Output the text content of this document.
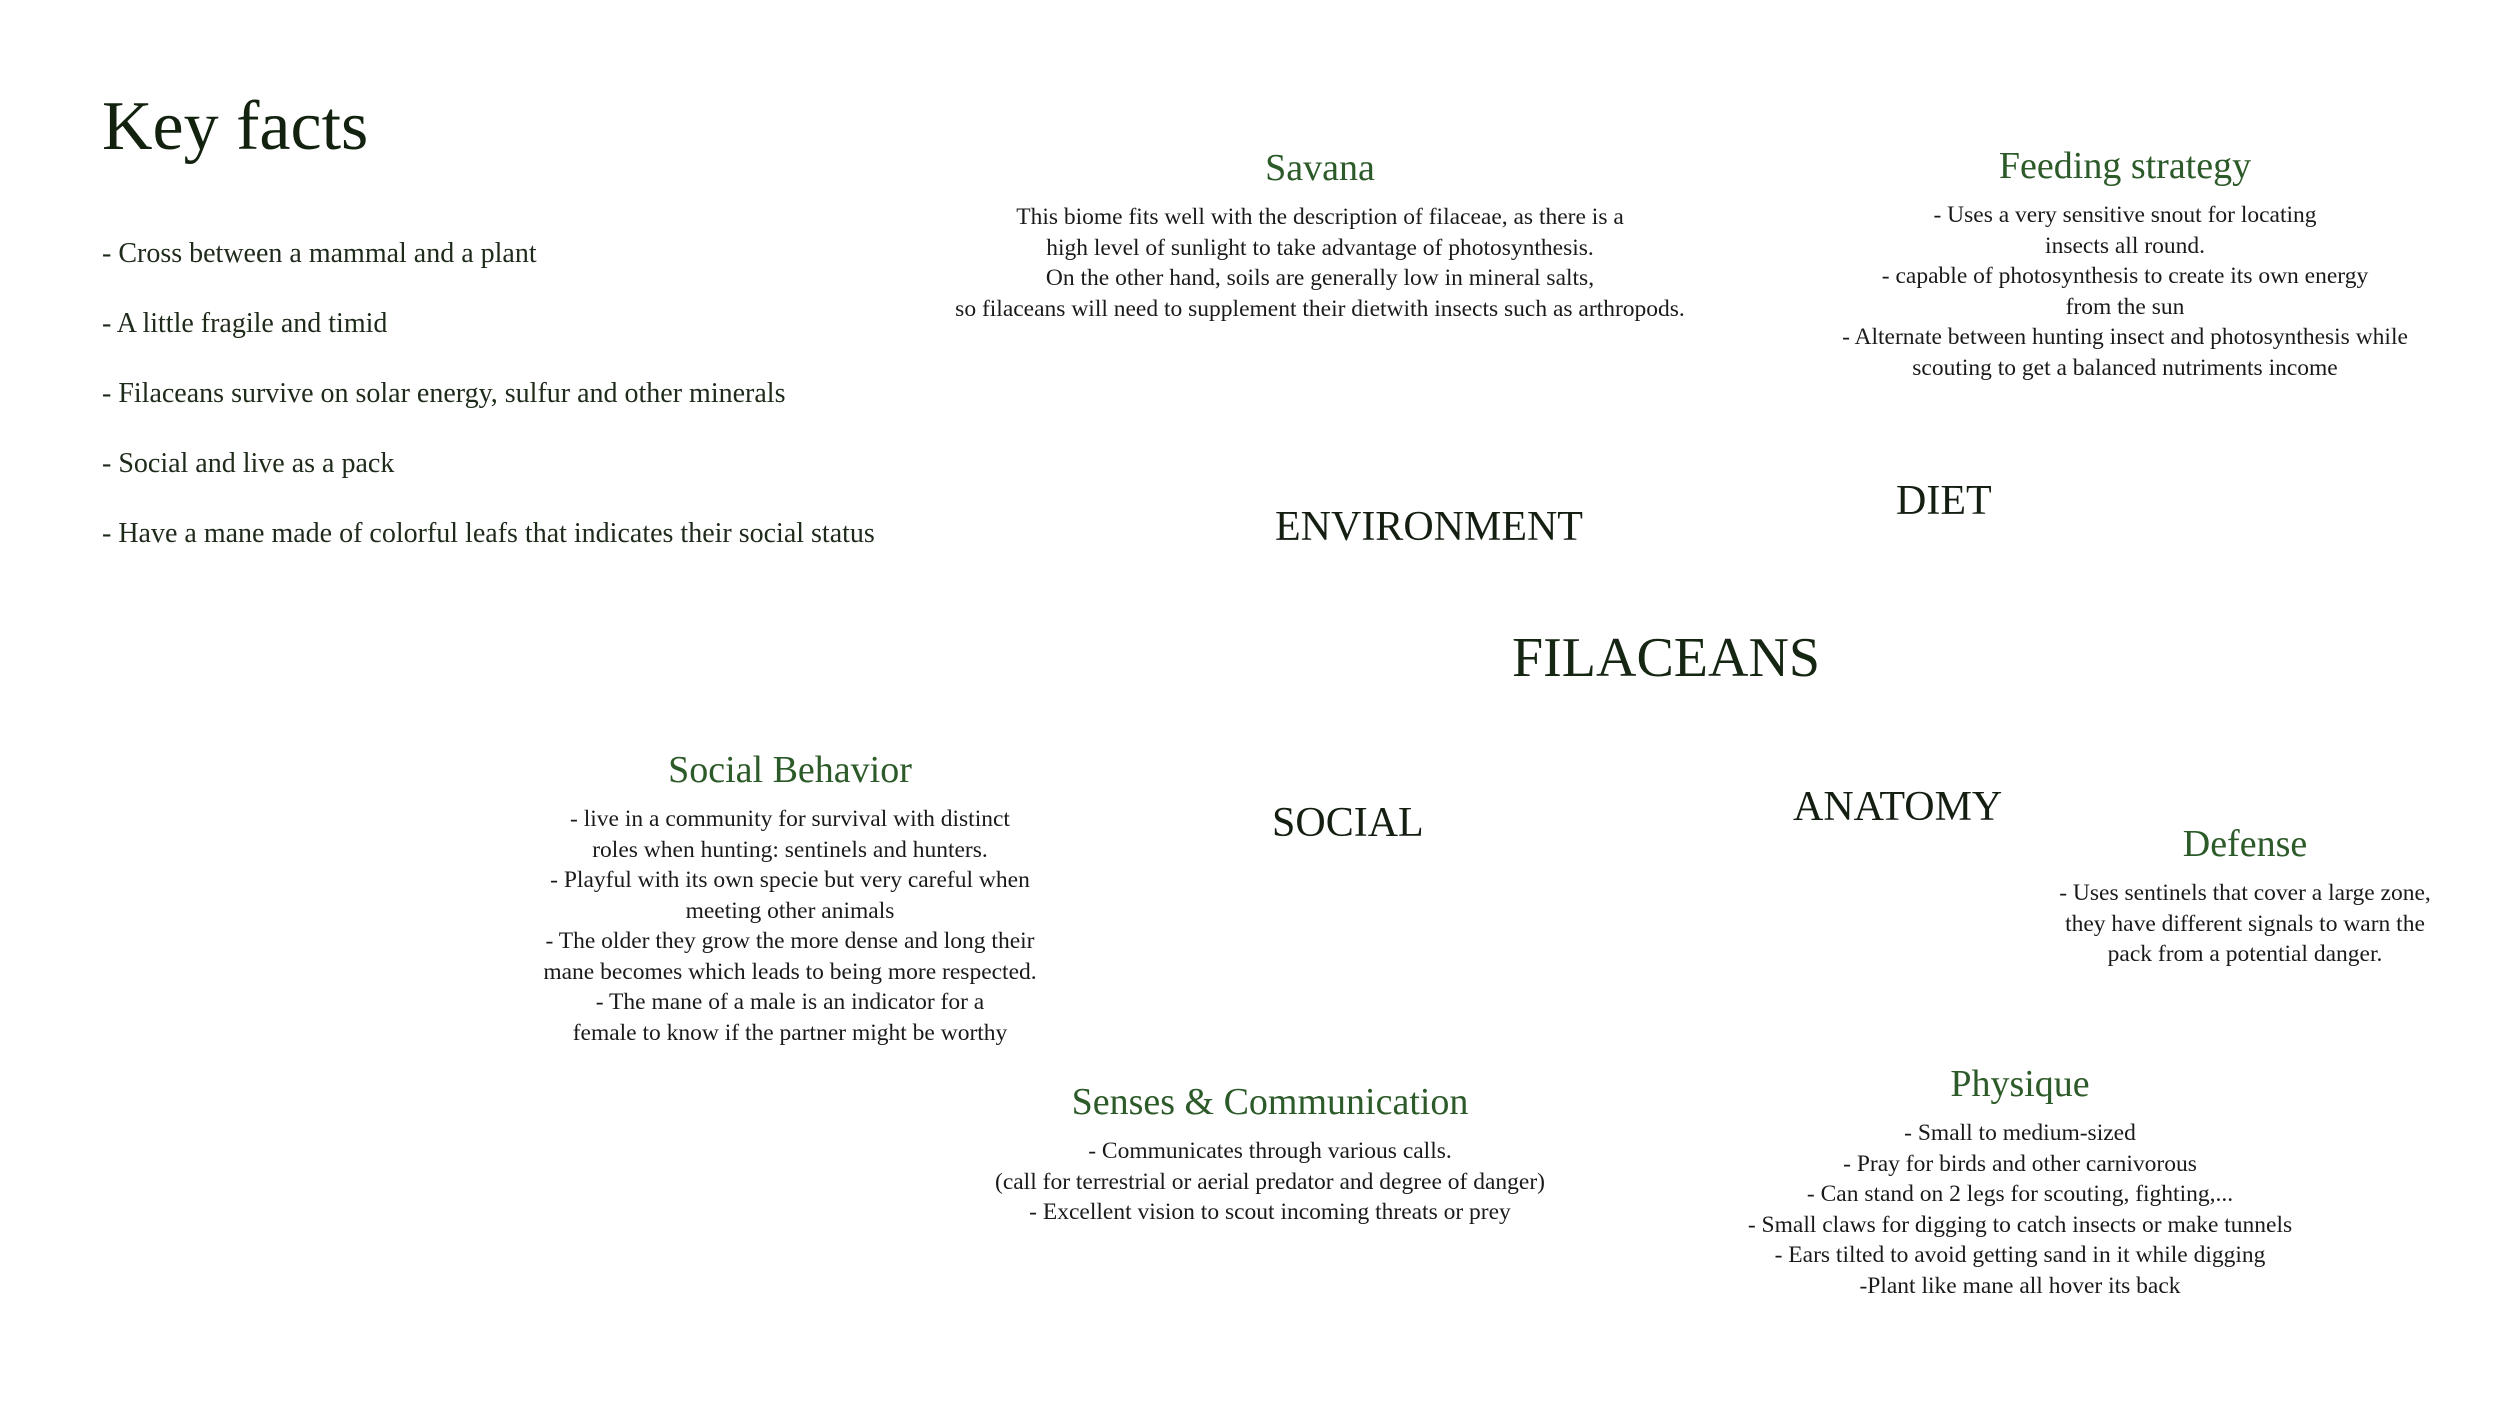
Key facts
- Cross between a mammal and a plant
- A little fragile and timid
- Filaceans survive on solar energy, sulfur and other minerals
- Social and live as a pack
- Have a mane made of colorful leafs that indicates their social status
Savana
This biome fits well with the description of filaceae, as there is a
high level of sunlight to take advantage of photosynthesis.
On the other hand, soils are generally low in mineral salts,
so filaceans will need to supplement their dietwith insects such as arthropods.
Feeding strategy
- Uses a very sensitive snout for locating
insects all round.
- capable of photosynthesis to create its own energy
from the sun
- Alternate between hunting insect and photosynthesis while
scouting to get a balanced nutriments income
ENVIRONMENT
DIET
FILACEANS
SOCIAL	ANATOMY
Social Behavior
- live in a community for survival with distinct
roles when hunting: sentinels and hunters.
- Playful with its own specie but very careful when
meeting other animals
- The older they grow the more dense and long their
mane becomes which leads to being more respected.
- The mane of a male is an indicator for a
female to know if the partner might be worthy
Defense
- Uses sentinels that cover a large zone,
they have different signals to warn the
pack from a potential danger.
Senses & Communication
- Communicates through various calls.
(call for terrestrial or aerial predator and degree of danger)
- Excellent vision to scout incoming threats or prey
Physique
- Small to medium-sized
- Pray for birds and other carnivorous
- Can stand on 2 legs for scouting, fighting,...
- Small claws for digging to catch insects or make tunnels
- Ears tilted to avoid getting sand in it while digging
-Plant like mane all hover its back
